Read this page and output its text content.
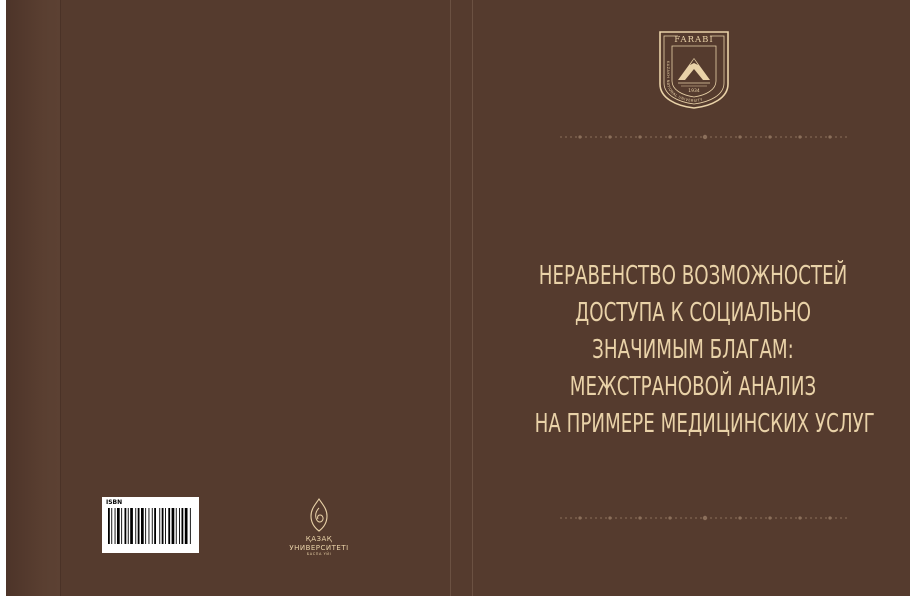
FARABI
1934
KAZAKH NATIONAL UNIVERSITY
НЕРАВЕНСТВО ВОЗМОЖНОСТЕЙ
ДОСТУПА К СОЦИАЛЬНО
ЗНАЧИМЫМ БЛАГАМ:
МЕЖСТРАНОВОЙ АНАЛИЗ
НА ПРИМЕРЕ МЕДИЦИНСКИХ УСЛУГ
ISBN
ҚАЗАҚ
УНИВЕРСИТЕТІ
БАСПА ҮЙІ
